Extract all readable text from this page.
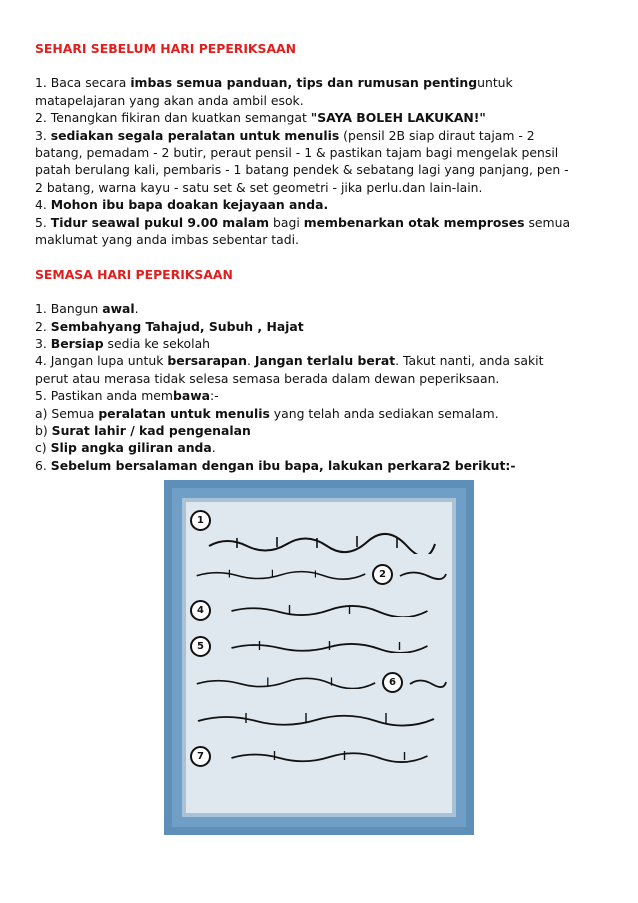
SEHARI SEBELUM HARI PEPERIKSAAN

1. Baca secara imbas semua panduan, tips dan rumusan pentinguntuk

matapelajaran yang akan anda ambil esok.

2. Tenangkan fikiran dan kuatkan semangat "SAYA BOLEH LAKUKAN!"

3. sediakan segala peralatan untuk menulis (pensil 2B siap diraut tajam - 2

batang, pemadam - 2 butir, peraut pensil - 1 & pastikan tajam bagi mengelak pensil

patah berulang kali, pembaris - 1 batang pendek & sebatang lagi yang panjang, pen -

2 batang, warna kayu - satu set & set geometri - jika perlu.dan lain-lain.

4. Mohon ibu bapa doakan kejayaan anda.

5. Tidur seawal pukul 9.00 malam bagi membenarkan otak memproses semua

maklumat yang anda imbas sebentar tadi.

SEMASA HARI PEPERIKSAAN

1. Bangun awal.

2. Sembahyang Tahajud, Subuh , Hajat

3. Bersiap sedia ke sekolah

4. Jangan lupa untuk bersarapan. Jangan terlalu berat. Takut nanti, anda sakit

perut atau merasa tidak selesa semasa berada dalam dewan peperiksaan.

5. Pastikan anda membawa:-

a) Semua peralatan untuk menulis yang telah anda sediakan semalam.

b) Surat lahir / kad pengenalan

c) Slip angka giliran anda.

6. Sebelum bersalaman dengan ibu bapa, lakukan perkara2 berikut:-

1
2
4
5
6
7
